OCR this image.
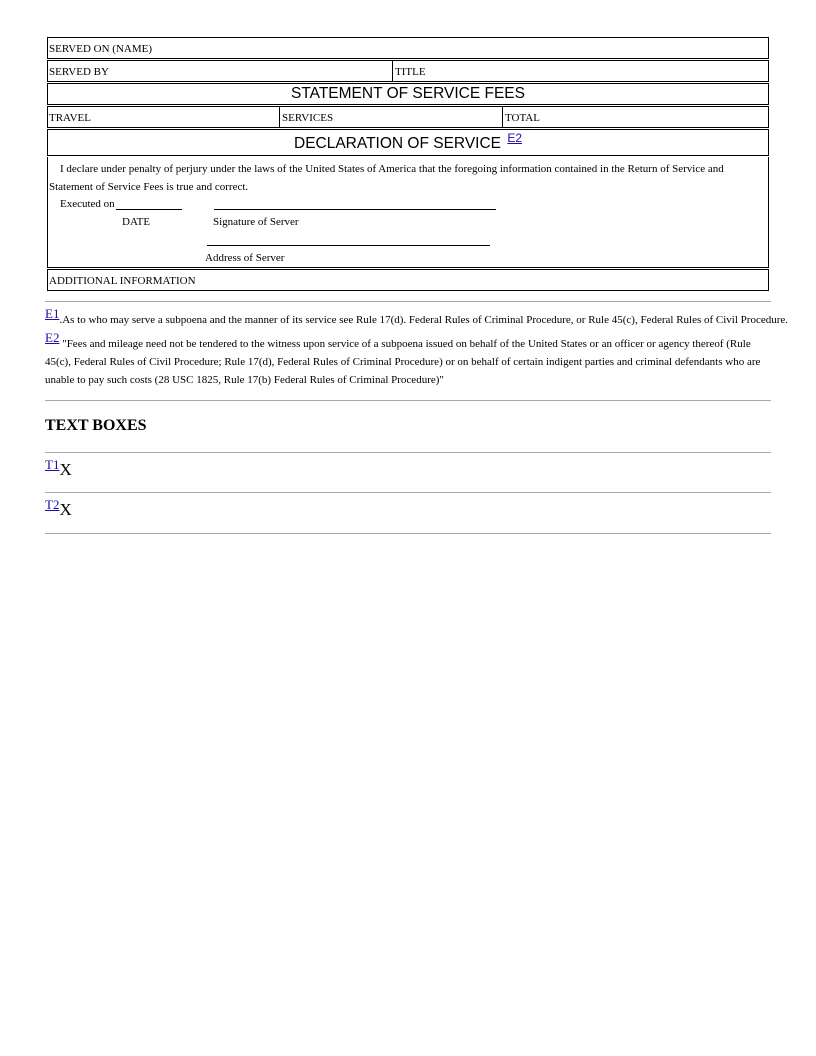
SERVED ON (NAME)
SERVED BY	TITLE
STATEMENT OF SERVICE FEES
TRAVEL	SERVICES	TOTAL
DECLARATION OF SERVICE $^{E2}$
I declare under penalty of perjury under the laws of the United States of America that the foregoing information contained in the Return of Service and Statement of Service Fees is true and correct.
Executed on
DATE	Signature of Server
Address of Server
ADDITIONAL INFORMATION
E1.As to who may serve a subpoena and the manner of its service see Rule 17(d). Federal Rules of Criminal Procedure, or Rule 45(c), Federal Rules of Civil Procedure.
E2 "Fees and mileage need not be tendered to the witness upon service of a subpoena issued on behalf of the United States or an officer or agency thereof (Rule 45(c), Federal Rules of Civil Procedure; Rule 17(d), Federal Rules of Criminal Procedure) or on behalf of certain indigent parties and criminal defendants who are unable to pay such costs (28 USC 1825, Rule 17(b) Federal Rules of Criminal Procedure)"
TEXT BOXES
$^{T1}$X
$^{T2}$X
